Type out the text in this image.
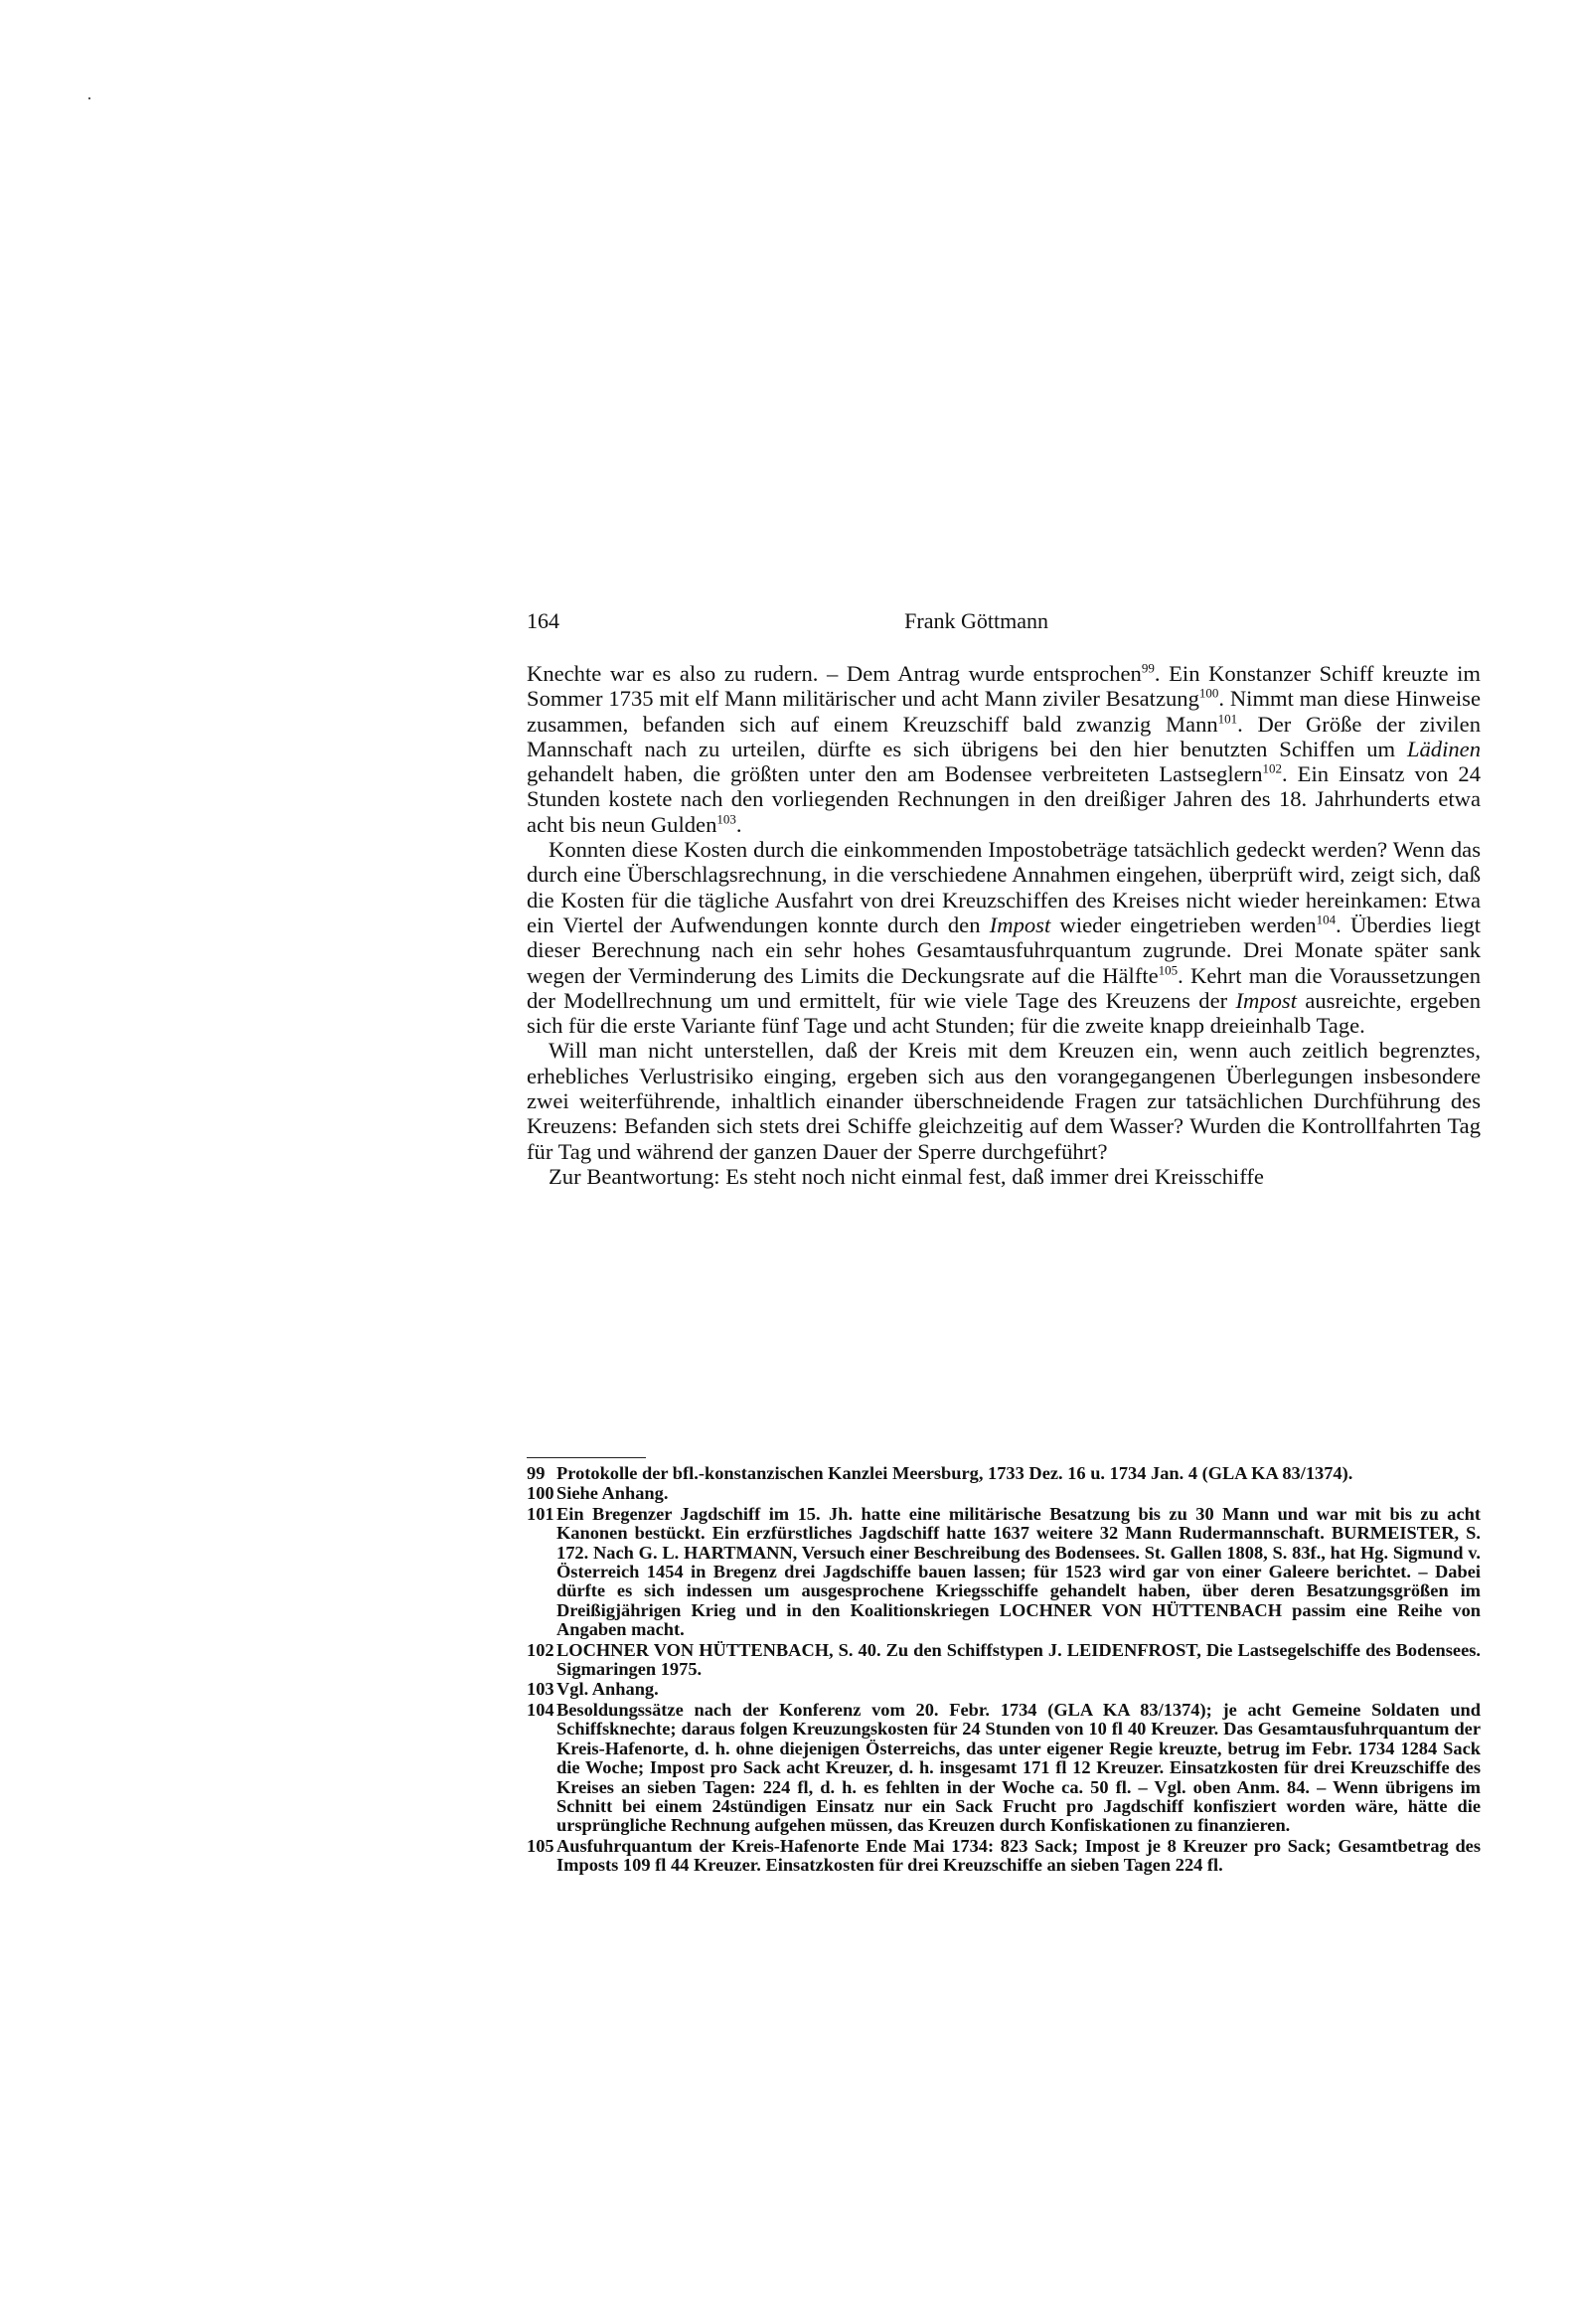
164	Frank Göttmann

Knechte war es also zu rudern. – Dem Antrag wurde entsprochen$^{99}$. Ein Konstanzer Schiff kreuzte im Sommer 1735 mit elf Mann militärischer und acht Mann ziviler Besatzung$^{100}$. Nimmt man diese Hinweise zusammen, befanden sich auf einem Kreuzschiff bald zwanzig Mann$^{101}$. Der Größe der zivilen Mannschaft nach zu urteilen, dürfte es sich übrigens bei den hier benutzten Schiffen um Lädinen gehandelt haben, die größten unter den am Bodensee verbreiteten Lastseglern$^{102}$. Ein Einsatz von 24 Stunden kostete nach den vorliegenden Rechnungen in den dreißiger Jahren des 18. Jahrhunderts etwa acht bis neun Gulden$^{103}$.

Konnten diese Kosten durch die einkommenden Impostobeträge tatsächlich gedeckt werden? Wenn das durch eine Überschlagsrechnung, in die verschiedene Annahmen eingehen, überprüft wird, zeigt sich, daß die Kosten für die tägliche Ausfahrt von drei Kreuzschiffen des Kreises nicht wieder hereinkamen: Etwa ein Viertel der Aufwendungen konnte durch den Impost wieder eingetrieben werden$^{104}$. Überdies liegt dieser Berechnung nach ein sehr hohes Gesamtausfuhrquantum zugrunde. Drei Monate später sank wegen der Verminderung des Limits die Deckungsrate auf die Hälfte$^{105}$. Kehrt man die Voraussetzungen der Modellrechnung um und ermittelt, für wie viele Tage des Kreuzens der Impost ausreichte, ergeben sich für die erste Variante fünf Tage und acht Stunden; für die zweite knapp dreieinhalb Tage.

Will man nicht unterstellen, daß der Kreis mit dem Kreuzen ein, wenn auch zeitlich begrenztes, erhebliches Verlustrisiko einging, ergeben sich aus den vorangegangenen Überlegungen insbesondere zwei weiterführende, inhaltlich einander überschneidende Fragen zur tatsächlichen Durchführung des Kreuzens: Befanden sich stets drei Schiffe gleichzeitig auf dem Wasser? Wurden die Kontrollfahrten Tag für Tag und während der ganzen Dauer der Sperre durchgeführt?

Zur Beantwortung: Es steht noch nicht einmal fest, daß immer drei Kreisschiffe

99 Protokolle der bfl.-konstanzischen Kanzlei Meersburg, 1733 Dez. 16 u. 1734 Jan. 4 (GLA KA 83/1374).
100 Siehe Anhang.
101 Ein Bregenzer Jagdschiff im 15. Jh. hatte eine militärische Besatzung bis zu 30 Mann und war mit bis zu acht Kanonen bestückt. Ein erzfürstliches Jagdschiff hatte 1637 weitere 32 Mann Rudermannschaft. BURMEISTER, S. 172. Nach G. L. HARTMANN, Versuch einer Beschreibung des Bodensees. St. Gallen 1808, S. 83f., hat Hg. Sigmund v. Österreich 1454 in Bregenz drei Jagdschiffe bauen lassen; für 1523 wird gar von einer Galeere berichtet. – Dabei dürfte es sich indessen um ausgesprochene Kriegsschiffe gehandelt haben, über deren Besatzungsgrößen im Dreißigjährigen Krieg und in den Koalitionskriegen LOCHNER VON HÜTTENBACH passim eine Reihe von Angaben macht.
102 LOCHNER VON HÜTTENBACH, S. 40. Zu den Schiffstypen J. LEIDENFROST, Die Lastsegelschiffe des Bodensees. Sigmaringen 1975.
103 Vgl. Anhang.
104 Besoldungssätze nach der Konferenz vom 20. Febr. 1734 (GLA KA 83/1374); je acht Gemeine Soldaten und Schiffsknechte; daraus folgen Kreuzungskosten für 24 Stunden von 10 fl 40 Kreuzer. Das Gesamtausfuhrquantum der Kreis-Hafenorte, d. h. ohne diejenigen Österreichs, das unter eigener Regie kreuzte, betrug im Febr. 1734 1284 Sack die Woche; Impost pro Sack acht Kreuzer, d. h. insgesamt 171 fl 12 Kreuzer. Einsatzkosten für drei Kreuzschiffe des Kreises an sieben Tagen: 224 fl, d. h. es fehlten in der Woche ca. 50 fl. – Vgl. oben Anm. 84. – Wenn übrigens im Schnitt bei einem 24stündigen Einsatz nur ein Sack Frucht pro Jagdschiff konfisziert worden wäre, hätte die ursprüngliche Rechnung aufgehen müssen, das Kreuzen durch Konfiskationen zu finanzieren.
105 Ausfuhrquantum der Kreis-Hafenorte Ende Mai 1734: 823 Sack; Impost je 8 Kreuzer pro Sack; Gesamtbetrag des Imposts 109 fl 44 Kreuzer. Einsatzkosten für drei Kreuzschiffe an sieben Tagen 224 fl.
